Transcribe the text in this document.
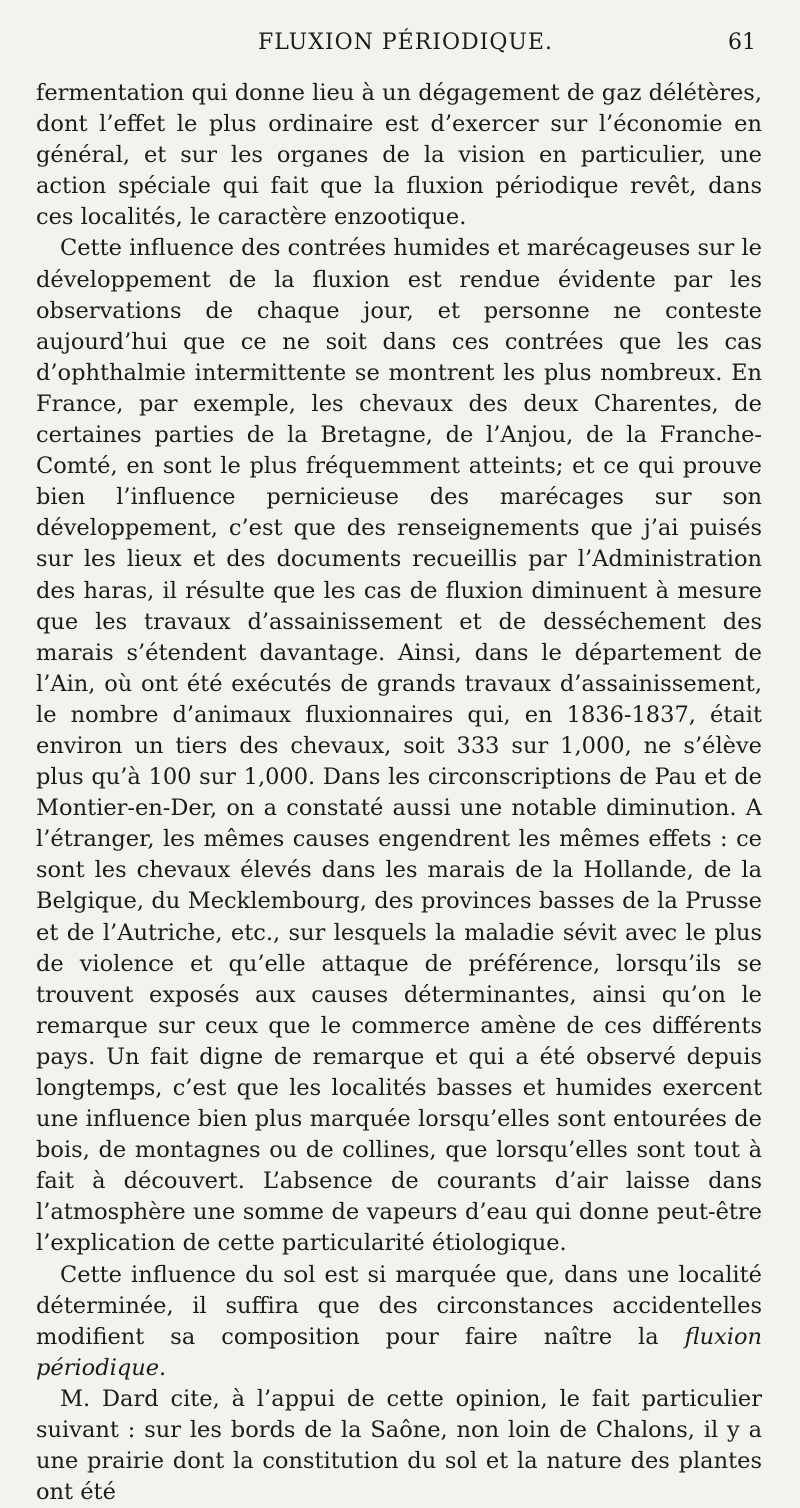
FLUXION PÉRIODIQUE.	61

fermentation qui donne lieu à un dégagement de gaz délétères, dont l’effet le plus ordinaire est d’exercer sur l’économie en général, et sur les organes de la vision en particulier, une action spéciale qui fait que la fluxion périodique revêt, dans ces localités, le caractère enzootique.

Cette influence des contrées humides et marécageuses sur le développement de la fluxion est rendue évidente par les observations de chaque jour, et personne ne conteste aujourd’hui que ce ne soit dans ces contrées que les cas d’ophthalmie intermittente se montrent les plus nombreux. En France, par exemple, les chevaux des deux Charentes, de certaines parties de la Bretagne, de l’Anjou, de la Franche-Comté, en sont le plus fréquemment atteints; et ce qui prouve bien l’influence pernicieuse des marécages sur son développement, c’est que des renseignements que j’ai puisés sur les lieux et des documents recueillis par l’Administration des haras, il résulte que les cas de fluxion diminuent à mesure que les travaux d’assainissement et de desséchement des marais s’étendent davantage. Ainsi, dans le département de l’Ain, où ont été exécutés de grands travaux d’assainissement, le nombre d’animaux fluxionnaires qui, en 1836-1837, était environ un tiers des chevaux, soit 333 sur 1,000, ne s’élève plus qu’à 100 sur 1,000. Dans les circonscriptions de Pau et de Montier-en-Der, on a constaté aussi une notable diminution. A l’étranger, les mêmes causes engendrent les mêmes effets : ce sont les chevaux élevés dans les marais de la Hollande, de la Belgique, du Mecklembourg, des provinces basses de la Prusse et de l’Autriche, etc., sur lesquels la maladie sévit avec le plus de violence et qu’elle attaque de préférence, lorsqu’ils se trouvent exposés aux causes déterminantes, ainsi qu’on le remarque sur ceux que le commerce amène de ces différents pays. Un fait digne de remarque et qui a été observé depuis longtemps, c’est que les localités basses et humides exercent une influence bien plus marquée lorsqu’elles sont entourées de bois, de montagnes ou de collines, que lorsqu’elles sont tout à fait à découvert. L’absence de courants d’air laisse dans l’atmosphère une somme de vapeurs d’eau qui donne peut-être l’explication de cette particularité étiologique.

Cette influence du sol est si marquée que, dans une localité déterminée, il suffira que des circonstances accidentelles modifient sa composition pour faire naître la fluxion périodique.

M. Dard cite, à l’appui de cette opinion, le fait particulier suivant : sur les bords de la Saône, non loin de Chalons, il y a une prairie dont la constitution du sol et la nature des plantes ont été
